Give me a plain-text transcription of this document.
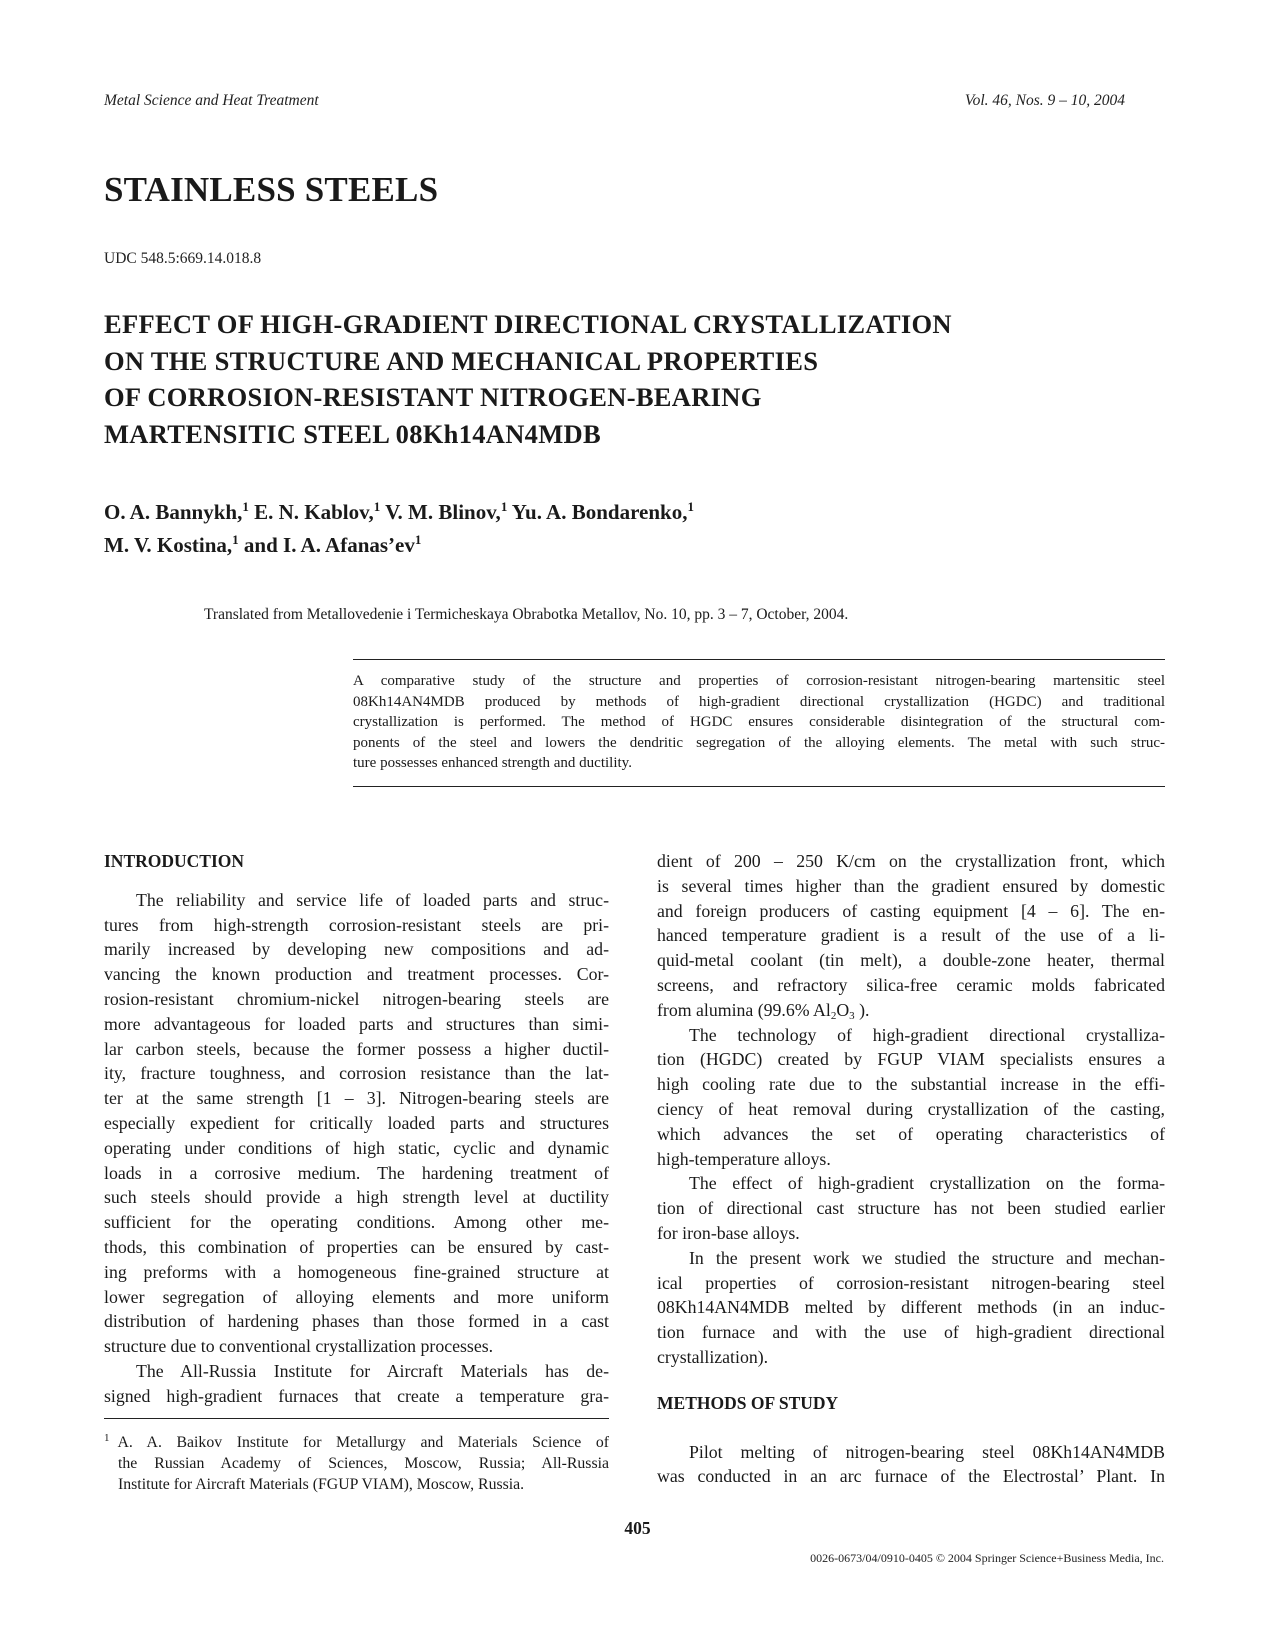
Metal Science and Heat Treatment	Vol. 46, Nos. 9 – 10, 2004
STAINLESS STEELS
UDC 548.5:669.14.018.8
EFFECT OF HIGH-GRADIENT DIRECTIONAL CRYSTALLIZATION
ON THE STRUCTURE AND MECHANICAL PROPERTIES
OF CORROSION-RESISTANT NITROGEN-BEARING
MARTENSITIC STEEL 08Kh14AN4MDB
O. A. Bannykh,$^1$ E. N. Kablov,$^1$ V. M. Blinov,$^1$ Yu. A. Bondarenko,$^1$
M. V. Kostina,$^1$ and I. A. $Afanas’ev^1$
Translated from Metallovedenie i Termicheskaya Obrabotka Metallov, No. 10, pp. 3 – 7, October, 2004.
A comparative study of the structure and properties of corrosion-resistant nitrogen-bearing martensitic steel
08Kh14AN4MDB produced by methods of high-gradient directional crystallization (HGDC) and traditional
crystallization is performed. The method of HGDC ensures considerable disintegration of the structural com-
ponents of the steel and lowers the dendritic segregation of the alloying elements. The metal with such struc-
ture possesses enhanced strength and ductility.
INTRODUCTION
The reliability and service life of loaded parts and struc-
tures from high-strength corrosion-resistant steels are pri-
marily increased by developing new compositions and ad-
vancing the known production and treatment processes. Cor-
rosion-resistant chromium-nickel nitrogen-bearing steels are
more advantageous for loaded parts and structures than simi-
lar carbon steels, because the former possess a higher ductil-
ity, fracture toughness, and corrosion resistance than the lat-
ter at the same strength [1 – 3]. Nitrogen-bearing steels are
especially expedient for critically loaded parts and structures
operating under conditions of high static, cyclic and dynamic
loads in a corrosive medium. The hardening treatment of
such steels should provide a high strength level at ductility
sufficient for the operating conditions. Among other me-
thods, this combination of properties can be ensured by cast-
ing preforms with a homogeneous fine-grained structure at
lower segregation of alloying elements and more uniform
distribution of hardening phases than those formed in a cast
structure due to conventional crystallization processes.
The All-Russia Institute for Aircraft Materials has de-
signed high-gradient furnaces that create a temperature gra-
$^1$ A. A. Baikov Institute for Metallurgy and Materials Science of
the Russian Academy of Sciences, Moscow, Russia; All-Russia
Institute for Aircraft Materials (FGUP VIAM), Moscow, Russia.
dient of 200 – 250 K/cm on the crystallization front, which
is several times higher than the gradient ensured by domestic
and foreign producers of casting equipment [4 – 6]. The en-
hanced temperature gradient is a result of the use of a li-
quid-metal coolant (tin melt), a double-zone heater, thermal
screens, and refractory silica-free ceramic molds fabricated
from alumina (99.6% $Al_2O_3$ ).
The technology of high-gradient directional crystalliza-
tion (HGDC) created by FGUP VIAM specialists ensures a
high cooling rate due to the substantial increase in the effi-
ciency of heat removal during crystallization of the casting,
which advances the set of operating characteristics of
high-temperature alloys.
The effect of high-gradient crystallization on the forma-
tion of directional cast structure has not been studied earlier
for iron-base alloys.
In the present work we studied the structure and mechan-
ical properties of corrosion-resistant nitrogen-bearing steel
08Kh14AN4MDB melted by different methods (in an induc-
tion furnace and with the use of high-gradient directional
crystallization).
METHODS OF STUDY
Pilot melting of nitrogen-bearing steel 08Kh14AN4MDB
was conducted in an arc furnace of the Electrostal’ Plant. In
405
0026-0673/04/0910-0405 © 2004 Springer Science+Business Media, Inc.
